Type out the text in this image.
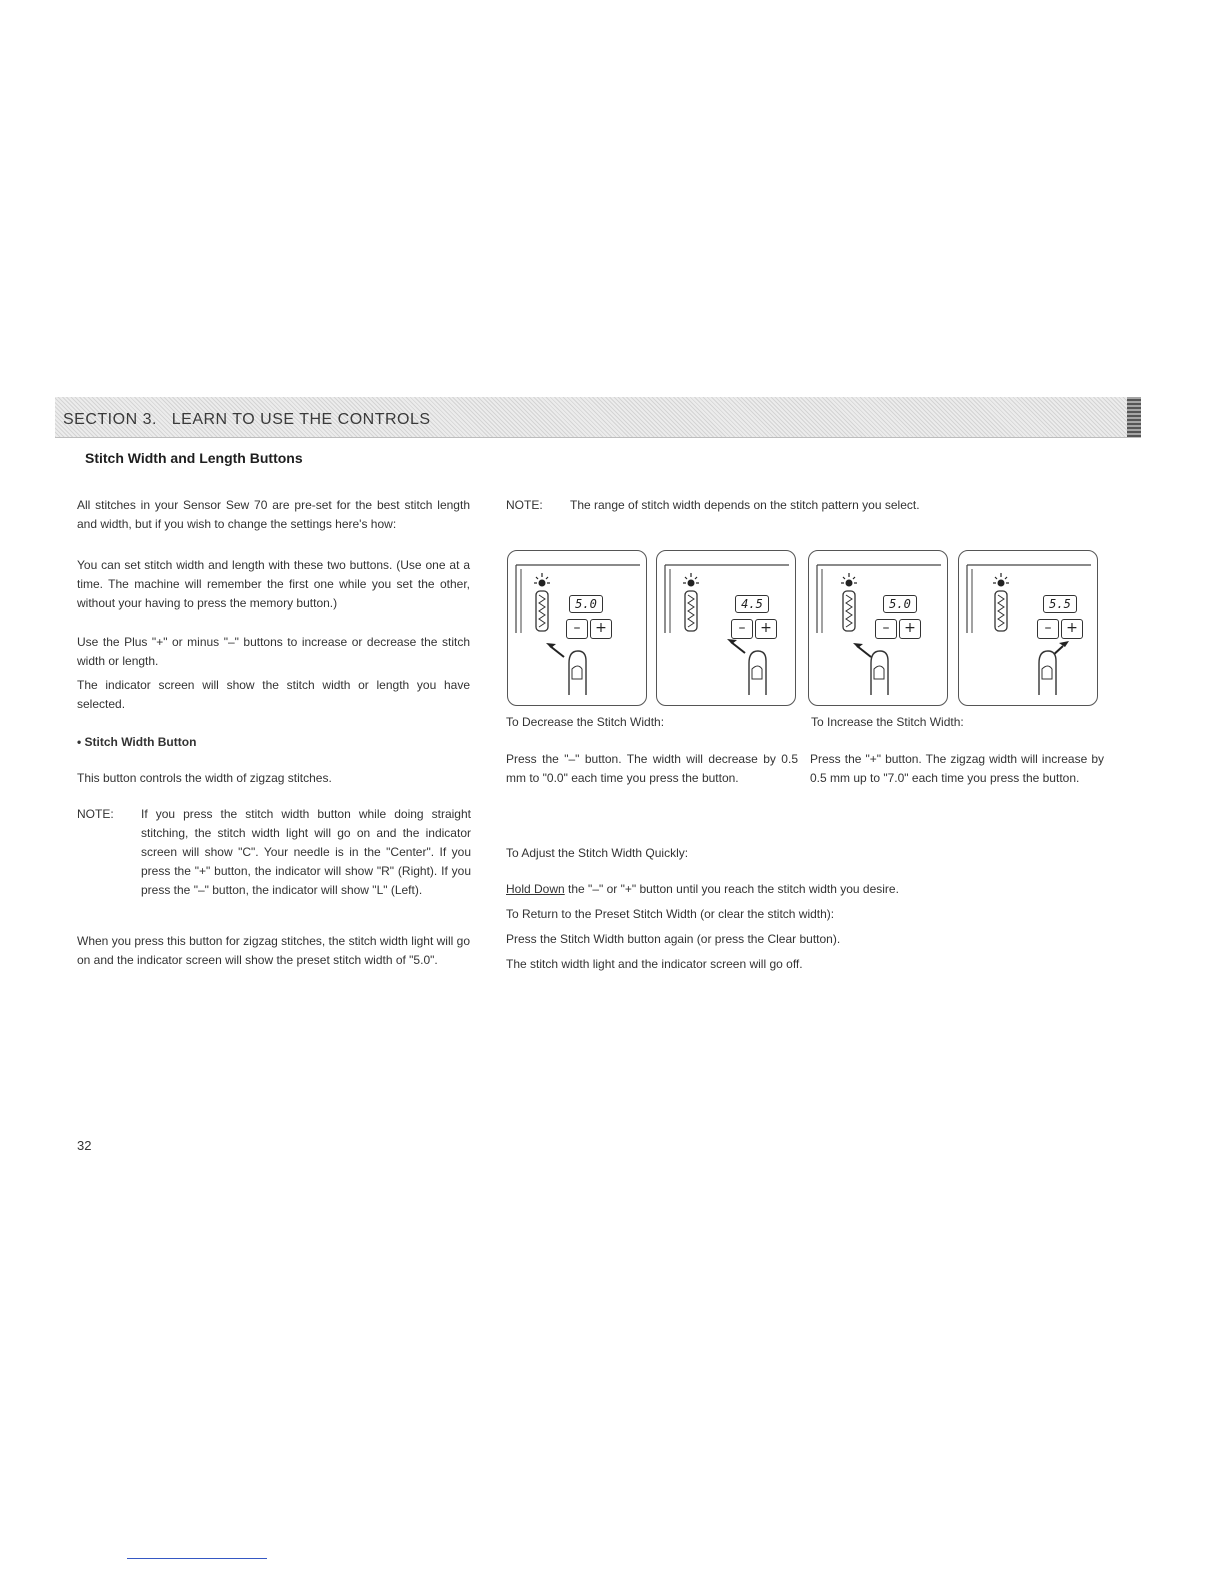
SECTION 3. LEARN TO USE THE CONTROLS
Stitch Width and Length Buttons
All stitches in your Sensor Sew 70 are pre-set for the best stitch length and width, but if you wish to change the settings here's how:
You can set stitch width and length with these two buttons. (Use one at a time. The machine will remember the first one while you set the other, without your having to press the memory button.)
Use the Plus "+" or minus "–" buttons to increase or decrease the stitch width or length.
The indicator screen will show the stitch width or length you have selected.
• Stitch Width Button
This button controls the width of zigzag stitches.
NOTE: If you press the stitch width button while doing straight stitching, the stitch width light will go on and the indicator screen will show "C". Your needle is in the "Center". If you press the "+" button, the indicator will show "R" (Right). If you press the "–" button, the indicator will show "L" (Left).
When you press this button for zigzag stitches, the stitch width light will go on and the indicator screen will show the preset stitch width of "5.0".
NOTE: The range of stitch width depends on the stitch pattern you select.
5.0
–	+
4.5
–	+
5.0
–	+
5.5
–	+
To Decrease the Stitch Width:	To Increase the Stitch Width:
Press the "–" button. The width will decrease by 0.5 mm to "0.0" each time you press the button.
Press the "+" button. The zigzag width will increase by 0.5 mm up to "7.0" each time you press the button.
To Adjust the Stitch Width Quickly:
Hold Down the "–" or "+" button until you reach the stitch width you desire.
To Return to the Preset Stitch Width (or clear the stitch width):
Press the Stitch Width button again (or press the Clear button).
The stitch width light and the indicator screen will go off.
32
